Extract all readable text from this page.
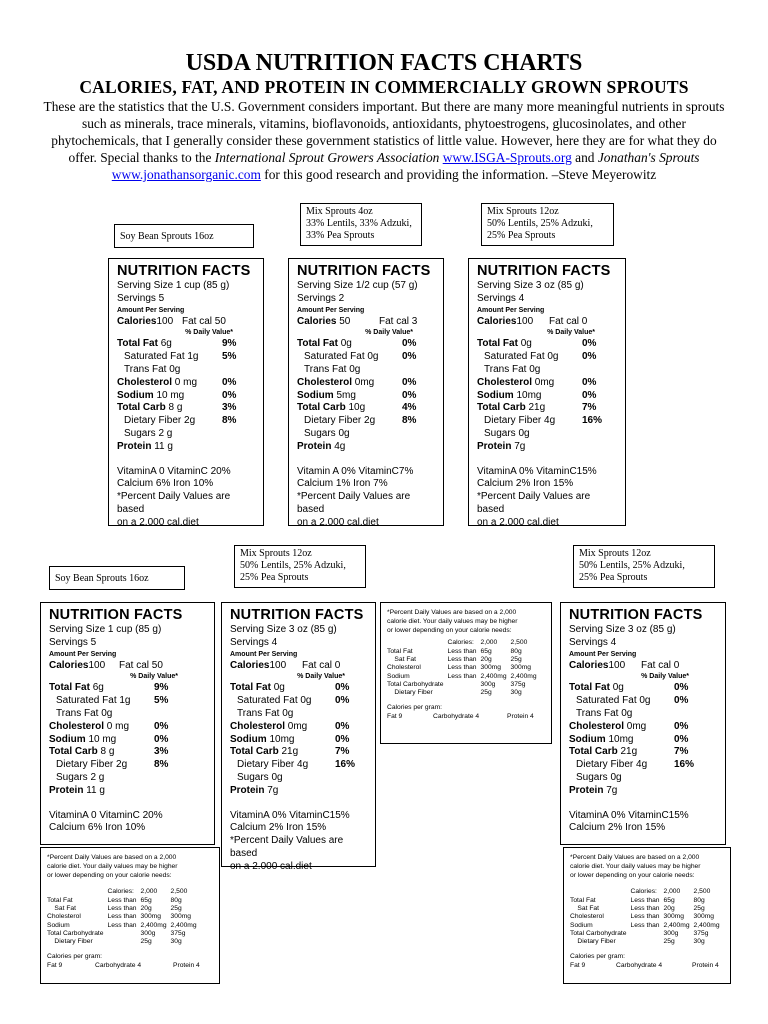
USDA NUTRITION FACTS CHARTS
CALORIES, FAT, AND PROTEIN IN COMMERCIALLY GROWN SPROUTS
These are the statistics that the U.S. Government considers important. But there are many more meaningful nutrients in sprouts such as minerals, trace minerals, vitamins, bioflavonoids, antioxidants, phytoestrogens, glucosinolates, and other phytochemicals, that I generally consider these government statistics of little value. However, here they are for what they do offer. Special thanks to the International Sprout Growers Association www.ISGA-Sprouts.org and Jonathan's Sprouts
www.jonathansorganic.com for this good research and providing the information. –Steve Meyerowitz
Soy Bean Sprouts 16oz
Mix Sprouts 4oz
33% Lentils, 33% Adzuki,
33% Pea Sprouts
Mix Sprouts 12oz
50% Lentils, 25% Adzuki,
25% Pea Sprouts
NUTRITION FACTS
Serving Size 1 cup (85 g)
Servings 5
Amount Per Serving
Calories100 Fat cal 50
% Daily Value*
Total Fat 6g	9%
Saturated Fat 1g 5%
Trans Fat 0g
Cholesterol 0 mg 0%
Sodium 10 mg	0%
Total Carb 8 g	3%
Dietary Fiber 2g	8%
Sugars 2 g
Protein 11 g
VitaminA 0 VitaminC 20%
Calcium 6% Iron 10%
*Percent Daily Values are based
on a 2.000 cal.diet
NUTRITION FACTS
Serving Size 1/2 cup (57 g)
Servings 2
Amount Per Serving
Calories 50	Fat cal 3
% Daily Value*
Total Fat 0g	0%
Saturated Fat 0g 0%
Trans Fat 0g
Cholesterol 0mg	0%
Sodium 5mg	0%
Total Carb 10g	4%
Dietary Fiber 2g	8%
Sugars 0g
Protein 4g
Vitamin A 0% VitaminC7%
Calcium 1% Iron 7%
*Percent Daily Values are based
on a 2.000 cal.diet
NUTRITION FACTS
Serving Size 3 oz (85 g)
Servings 4
Amount Per Serving
Calories100 Fat cal 0
% Daily Value*
Total Fat 0g	0%
Saturated Fat 0g 0%
Trans Fat 0g
Cholesterol 0mg	0%
Sodium 10mg	0%
Total Carb 21g	7%
Dietary Fiber 4g	16%
Sugars 0g
Protein 7g
VitaminA 0% VitaminC15%
Calcium 2% Iron 15%
*Percent Daily Values are based
on a 2.000 cal.diet
Soy Bean Sprouts 16oz
Mix Sprouts 12oz
50% Lentils, 25% Adzuki,
25% Pea Sprouts
Mix Sprouts 12oz
50% Lentils, 25% Adzuki,
25% Pea Sprouts
NUTRITION FACTS
Serving Size 1 cup (85 g)
Servings 5
Amount Per Serving
Calories100 Fat cal 50
% Daily Value*
Total Fat 6g	9%
Saturated Fat 1g 5%
Trans Fat 0g
Cholesterol 0 mg 0%
Sodium 10 mg	0%
Total Carb 8 g	3%
Dietary Fiber 2g	8%
Sugars 2 g
Protein 11 g
VitaminA 0 VitaminC 20%
Calcium 6% Iron 10%
NUTRITION FACTS
Serving Size 3 oz (85 g)
Servings 4
Amount Per Serving
Calories100 Fat cal 0
% Daily Value*
Total Fat 0g	0%
Saturated Fat 0g 0%
Trans Fat 0g
Cholesterol 0mg	0%
Sodium 10mg	0%
Total Carb 21g	7%
Dietary Fiber 4g	16%
Sugars 0g
Protein 7g
VitaminA 0% VitaminC15%
Calcium 2% Iron 15%
*Percent Daily Values are based
on a 2.000 cal.diet
NUTRITION FACTS
Serving Size 3 oz (85 g)
Servings 4
Amount Per Serving
Calories100 Fat cal 0
% Daily Value*
Total Fat 0g	0%
Saturated Fat 0g 0%
Trans Fat 0g
Cholesterol 0mg	0%
Sodium 10mg	0%
Total Carb 21g	7%
Dietary Fiber 4g	16%
Sugars 0g
Protein 7g
VitaminA 0% VitaminC15%
Calcium 2% Iron 15%
*Percent Daily Values are based on a 2,000
calorie diet. Your daily values may be higher
or lower depending on your calorie needs:
	Calories:	2,000	2,500
Total Fat	Less than	65g	80g
Sat Fat	Less than	20g	25g
Cholesterol	Less than	300mg	300mg
Sodium	Less than	2,400mg	2,400mg
Total Carbohydrate		300g	375g
Dietary Fiber		25g	30g
Calories per gram:
Fat 9	Carbohydrate 4	Protein 4
*Percent Daily Values are based on a 2,000
calorie diet. Your daily values may be higher
or lower depending on your calorie needs:
	Calories:	2,000	2,500
Total Fat	Less than	65g	80g
Sat Fat	Less than	20g	25g
Cholesterol	Less than	300mg	300mg
Sodium	Less than	2,400mg	2,400mg
Total Carbohydrate		300g	375g
Dietary Fiber		25g	30g
Calories per gram:
Fat 9	Carbohydrate 4	Protein 4
*Percent Daily Values are based on a 2,000
calorie diet. Your daily values may be higher
or lower depending on your calorie needs:
	Calories:	2,000	2,500
Total Fat	Less than	65g	80g
Sat Fat	Less than	20g	25g
Cholesterol	Less than	300mg	300mg
Sodium	Less than	2,400mg	2,400mg
Total Carbohydrate		300g	375g
Dietary Fiber		25g	30g
Calories per gram:
Fat 9	Carbohydrate 4	Protein 4
